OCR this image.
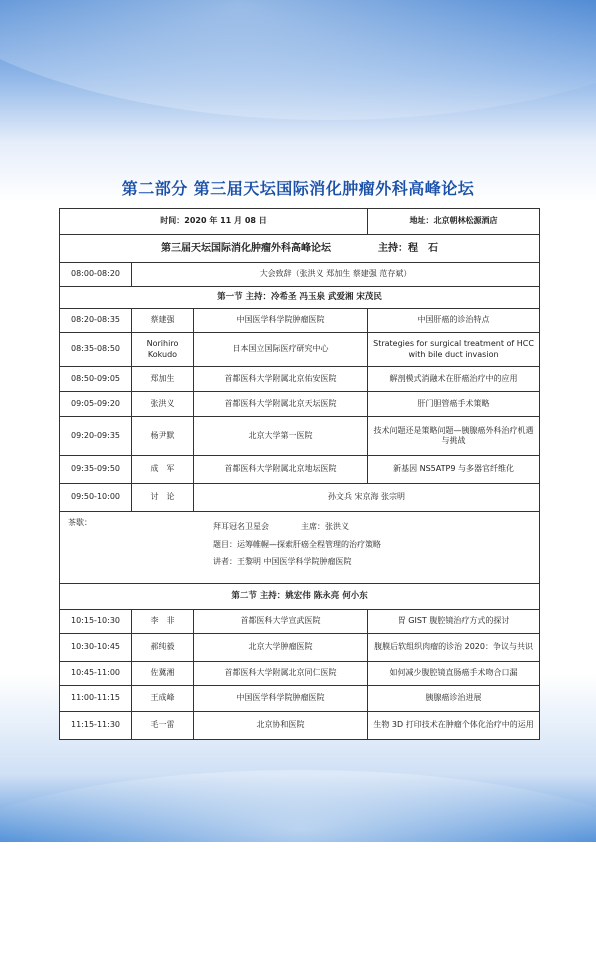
第二部分 第三届天坛国际消化肿瘤外科高峰论坛
时间：2020 年 11 月 08 日			地址：北京朝林松源酒店
第三届天坛国际消化肿瘤外科高峰论坛 主持：程　石			
08:00-08:20	大会致辞（张洪义 郑加生 蔡建强 范存斌）		
第一节 主持：冷希圣 冯玉泉 武爱湘 宋茂民			
08:20-08:35	蔡建强	中国医学科学院肿瘤医院	中国肝癌的诊治特点
08:35-08:50	Norihiro Kokudo	日本国立国际医疗研究中心	Strategies for surgical treatment of HCC with bile duct invasion
08:50-09:05	郑加生	首都医科大学附属北京佑安医院	解剖模式消融术在肝癌治疗中的应用
09:05-09:20	张洪义	首都医科大学附属北京天坛医院	肝门胆管癌手术策略
09:20-09:35	杨尹默	北京大学第一医院	技术问题还是策略问题—胰腺癌外科治疗机遇与挑战
09:35-09:50	成　军	首都医科大学附属北京地坛医院	新基因 NS5ATP9 与多器官纤维化
09:50-10:00	讨　论	孙文兵 宋京海 张宗明	

茶歇： 拜耳冠名卫星会　　　　主席：张洪义
题目：运筹帷幄—探索肝癌全程管理的治疗策略
讲者：王黎明 中国医学科学院肿瘤医院			

第二节 主持：姚宏伟 陈永亮 何小东			
10:15-10:30	李　非	首都医科大学宣武医院	胃 GIST 腹腔镜治疗方式的探讨
10:30-10:45	郝纯毅	北京大学肿瘤医院	腹膜后软组织肉瘤的诊治 2020：争议与共识
10:45-11:00	佐冀湘	首都医科大学附属北京同仁医院	如何减少腹腔镜直肠癌手术吻合口漏
11:00-11:15	王成峰	中国医学科学院肿瘤医院	胰腺癌诊治进展
11:15-11:30	毛一雷	北京协和医院	生物 3D 打印技术在肿瘤个体化治疗中的运用
